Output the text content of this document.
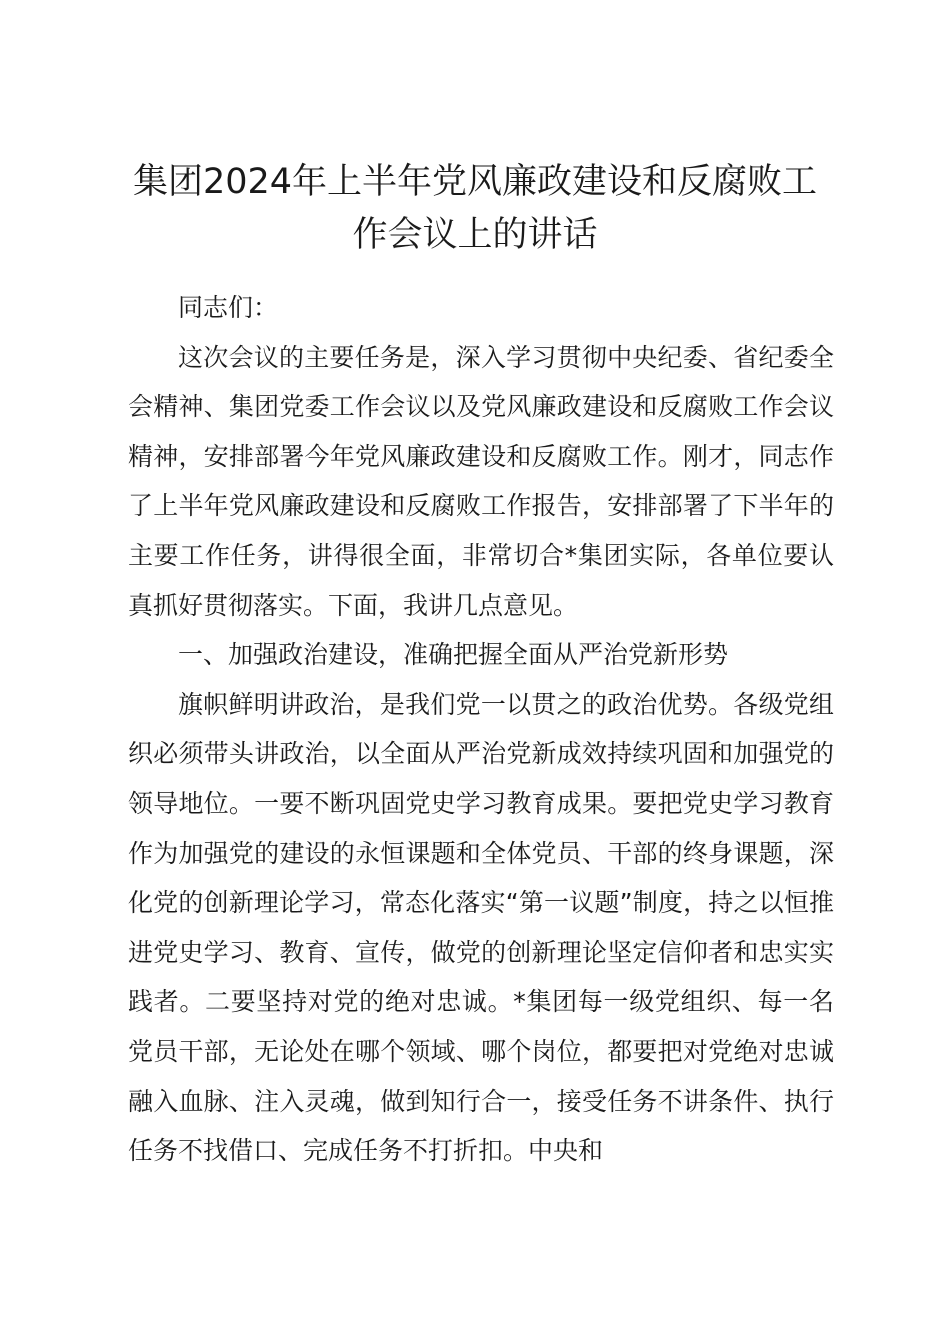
集团2024年上半年党风廉政建设和反腐败工
作会议上的讲话

同志们：

这次会议的主要任务是，深入学习贯彻中央纪委、省纪委全会精神、集团党委工作会议以及党风廉政建设和反腐败工作会议精神，安排部署今年党风廉政建设和反腐败工作。刚才，同志作了上半年党风廉政建设和反腐败工作报告，安排部署了下半年的主要工作任务，讲得很全面，非常切合*集团实际，各单位要认真抓好贯彻落实。下面，我讲几点意见。

一、加强政治建设，准确把握全面从严治党新形势

旗帜鲜明讲政治，是我们党一以贯之的政治优势。各级党组织必须带头讲政治，以全面从严治党新成效持续巩固和加强党的领导地位。一要不断巩固党史学习教育成果。要把党史学习教育作为加强党的建设的永恒课题和全体党员、干部的终身课题，深化党的创新理论学习，常态化落实“第一议题”制度，持之以恒推进党史学习、教育、宣传，做党的创新理论坚定信仰者和忠实实践者。二要坚持对党的绝对忠诚。*集团每一级党组织、每一名党员干部，无论处在哪个领域、哪个岗位，都要把对党绝对忠诚融入血脉、注入灵魂，做到知行合一，接受任务不讲条件、执行任务不找借口、完成任务不打折扣。中央和
